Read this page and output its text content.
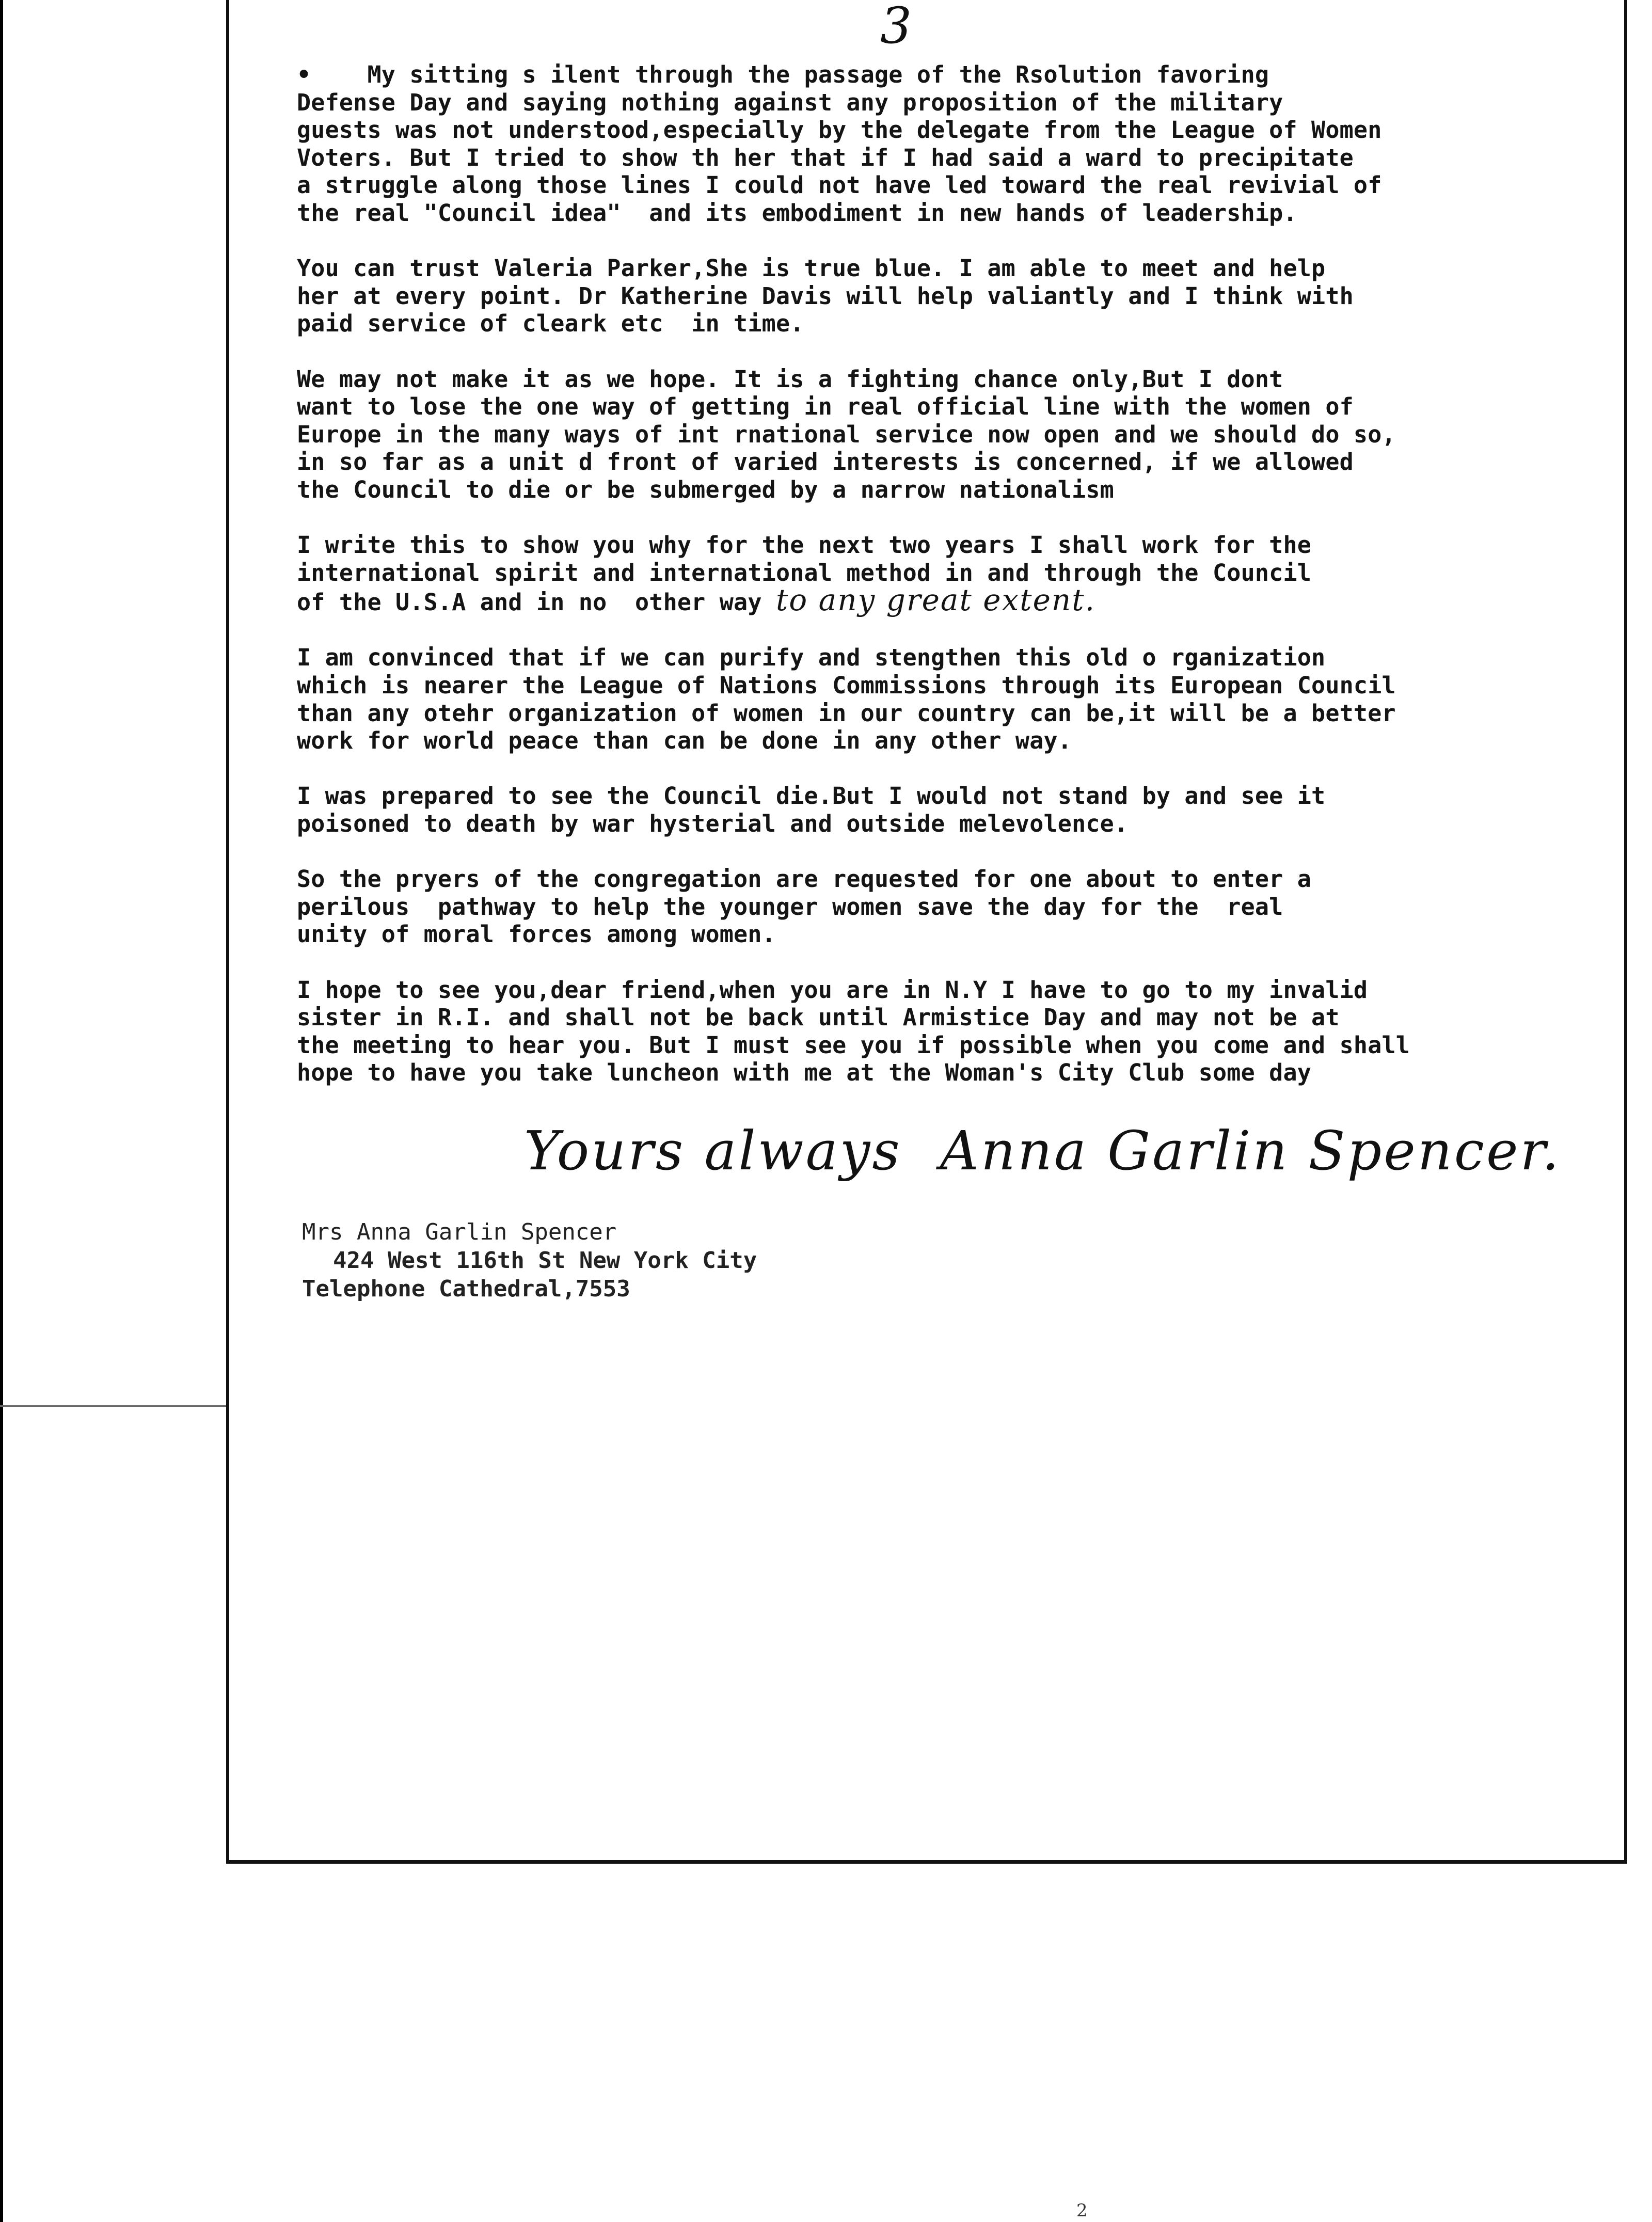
3
•    My sitting s ilent through the passage of the Rsolution favoring
Defense Day and saying nothing against any proposition of the military
guests was not understood,especially by the delegate from the League of Women
Voters. But I tried to show th her that if I had said a ward to precipitate
a struggle along those lines I could not have led toward the real revivial of
the real "Council idea"  and its embodiment in new hands of leadership.
You can trust Valeria Parker,She is true blue. I am able to meet and help
her at every point. Dr Katherine Davis will help valiantly and I think with
paid service of cleark etc  in time.
We may not make it as we hope. It is a fighting chance only,But I dont
want to lose the one way of getting in real official line with the women of
Europe in the many ways of int rnational service now open and we should do so,
in so far as a unit d front of varied interests is concerned, if we allowed
the Council to die or be submerged by a narrow nationalism
I write this to show you why for the next two years I shall work for the
international spirit and international method in and through the Council
of the U.S.A and in no  other way to any great extent.
I am convinced that if we can purify and stengthen this old o rganization
which is nearer the League of Nations Commissions through its European Council
than any otehr organization of women in our country can be,it will be a better
work for world peace than can be done in any other way.
I was prepared to see the Council die.But I would not stand by and see it
poisoned to death by war hysterial and outside melevolence.
So the pryers of the congregation are requested for one about to enter a
perilous  pathway to help the younger women save the day for the  real
unity of moral forces among women.
I hope to see you,dear friend,when you are in N.Y I have to go to my invalid
sister in R.I. and shall not be back until Armistice Day and may not be at
the meeting to hear you. But I must see you if possible when you come and shall
hope to have you take luncheon with me at the Woman's City Club some day
Yours always  Anna Garlin Spencer.
Mrs Anna Garlin Spencer
424 West 116th St New York City
Telephone Cathedral,7553
2
